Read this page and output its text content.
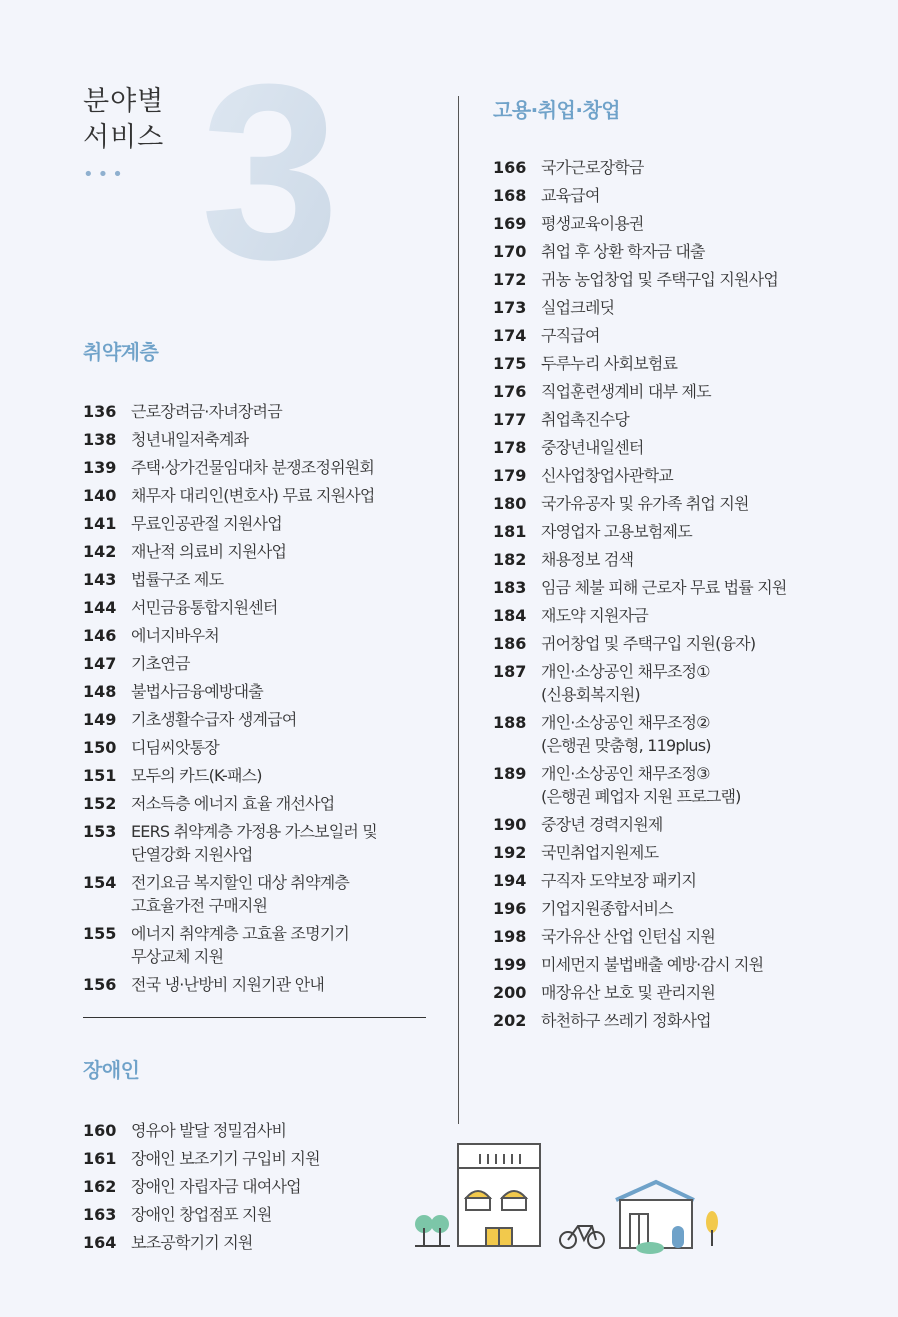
분야별
서비스
••• 3
취약계층
136 근로장려금·자녀장려금
138 청년내일저축계좌
139 주택·상가건물임대차 분쟁조정위원회
140 채무자 대리인(변호사) 무료 지원사업
141 무료인공관절 지원사업
142 재난적 의료비 지원사업
143 법률구조 제도
144 서민금융통합지원센터
146 에너지바우처
147 기초연금
148 불법사금융예방대출
149 기초생활수급자 생계급여
150 디딤씨앗통장
151 모두의 카드(K-패스)
152 저소득층 에너지 효율 개선사업
153 EERS 취약계층 가정용 가스보일러 및
단열강화 지원사업
154 전기요금 복지할인 대상 취약계층
고효율가전 구매지원
155 에너지 취약계층 고효율 조명기기
무상교체 지원
156 전국 냉·난방비 지원기관 안내
장애인
160 영유아 발달 정밀검사비
161 장애인 보조기기 구입비 지원
162 장애인 자립자금 대여사업
163 장애인 창업점포 지원
164 보조공학기기 지원
고용·취업·창업
166 국가근로장학금
168 교육급여
169 평생교육이용권
170 취업 후 상환 학자금 대출
172 귀농 농업창업 및 주택구입 지원사업
173 실업크레딧
174 구직급여
175 두루누리 사회보험료
176 직업훈련생계비 대부 제도
177 취업촉진수당
178 중장년내일센터
179 신사업창업사관학교
180 국가유공자 및 유가족 취업 지원
181 자영업자 고용보험제도
182 채용정보 검색
183 임금 체불 피해 근로자 무료 법률 지원
184 재도약 지원자금
186 귀어창업 및 주택구입 지원(융자)
187 개인·소상공인 채무조정①
(신용회복지원)
188 개인·소상공인 채무조정②
(은행권 맞춤형, 119plus)
189 개인·소상공인 채무조정③
(은행권 폐업자 지원 프로그램)
190 중장년 경력지원제
192 국민취업지원제도
194 구직자 도약보장 패키지
196 기업지원종합서비스
198 국가유산 산업 인턴십 지원
199 미세먼지 불법배출 예방·감시 지원
200 매장유산 보호 및 관리지원
202 하천하구 쓰레기 정화사업
